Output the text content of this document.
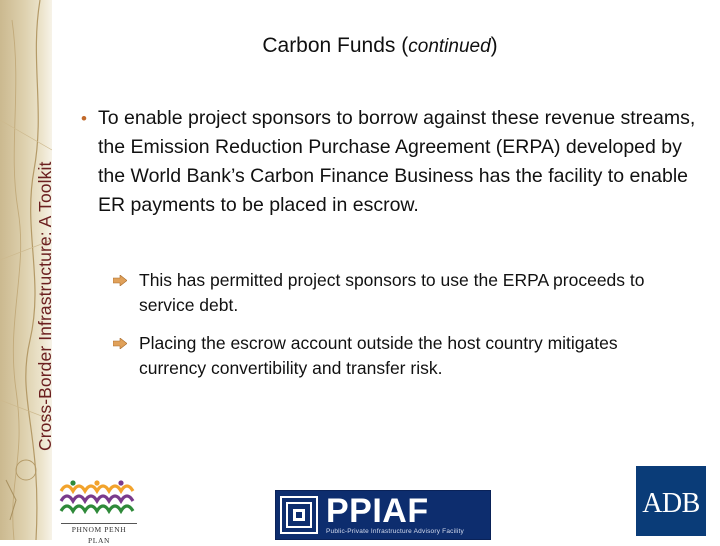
Cross-Border Infrastructure: A Toolkit
Carbon Funds (continued)
• To enable project sponsors to borrow against these revenue streams, the Emission Reduction Purchase Agreement (ERPA) developed by the World Bank’s Carbon Finance Business has the facility to enable ER payments to be placed in escrow.
This has permitted project sponsors to use the ERPA proceeds to service debt.
Placing the escrow account outside the host country mitigates currency convertibility and transfer risk.
PHNOM PENH PLAN
PPIAF
Public-Private Infrastructure Advisory Facility
ADB
